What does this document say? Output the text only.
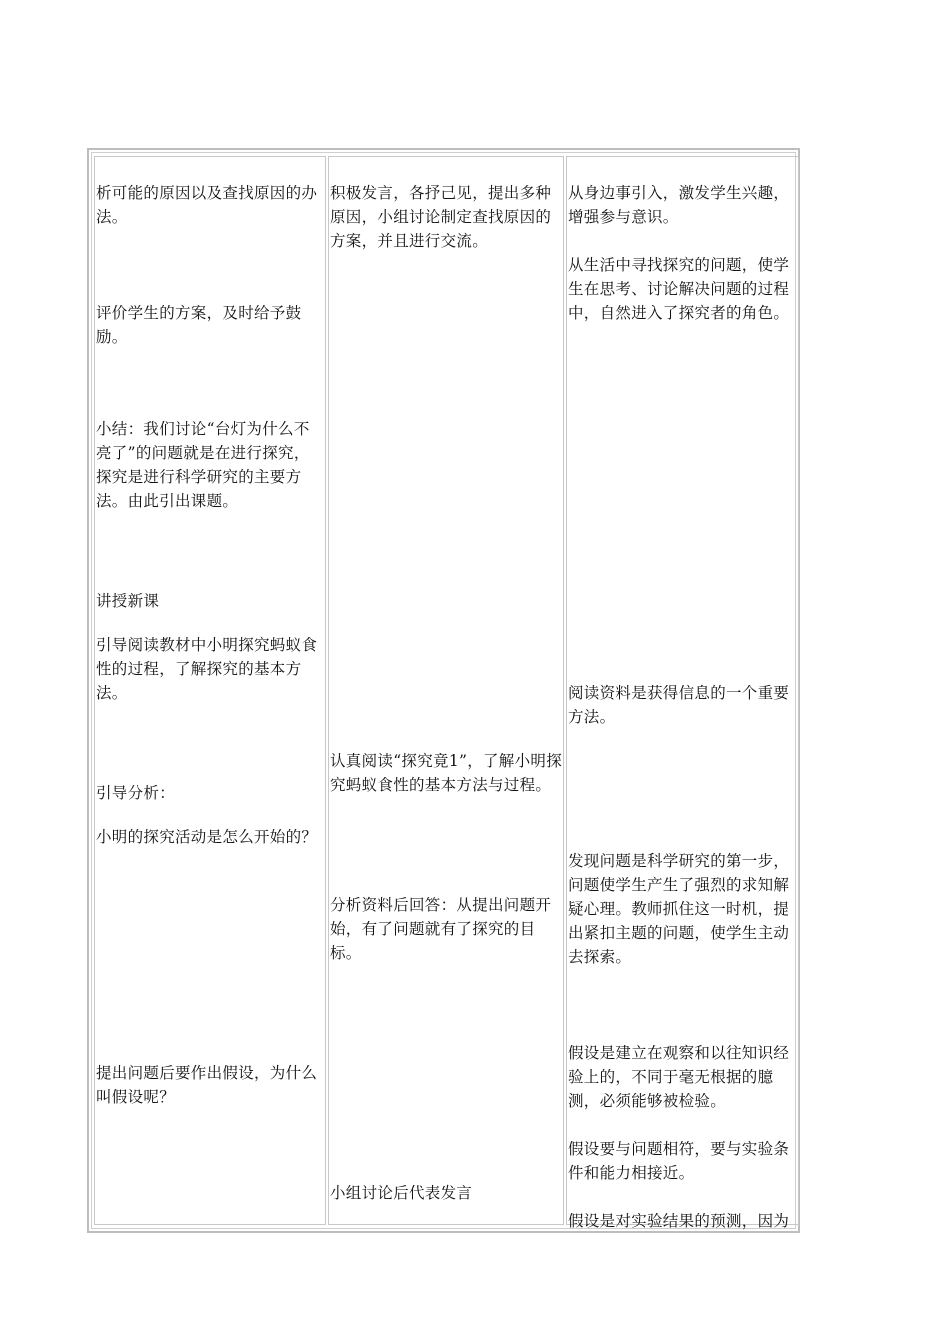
析可能的原因以及查找原因的办法。

评价学生的方案，及时给予鼓励。

小结：我们讨论“台灯为什么不亮了”的问题就是在进行探究，探究是进行科学研究的主要方法。由此引出课题。

讲授新课

引导阅读教材中小明探究蚂蚁食性的过程，了解探究的基本方法。

引导分析：

小明的探究活动是怎么开始的？

提出问题后要作出假设，为什么叫假设呢？

积极发言，各抒己见，提出多种原因，小组讨论制定查找原因的方案，并且进行交流。

认真阅读“探究竟1”，了解小明探究蚂蚁食性的基本方法与过程。

分析资料后回答：从提出问题开始，有了问题就有了探究的目标。

小组讨论后代表发言

从身边事引入，激发学生兴趣，增强参与意识。

从生活中寻找探究的问题，使学生在思考、讨论解决问题的过程中，自然进入了探究者的角色。

阅读资料是获得信息的一个重要方法。

发现问题是科学研究的第一步，问题使学生产生了强烈的求知解疑心理。教师抓住这一时机，提出紧扣主题的问题，使学生主动去探索。

假设是建立在观察和以往知识经验上的，不同于毫无根据的臆测，必须能够被检验。

假设要与问题相符，要与实验条件和能力相接近。

假设是对实验结果的预测，因为
